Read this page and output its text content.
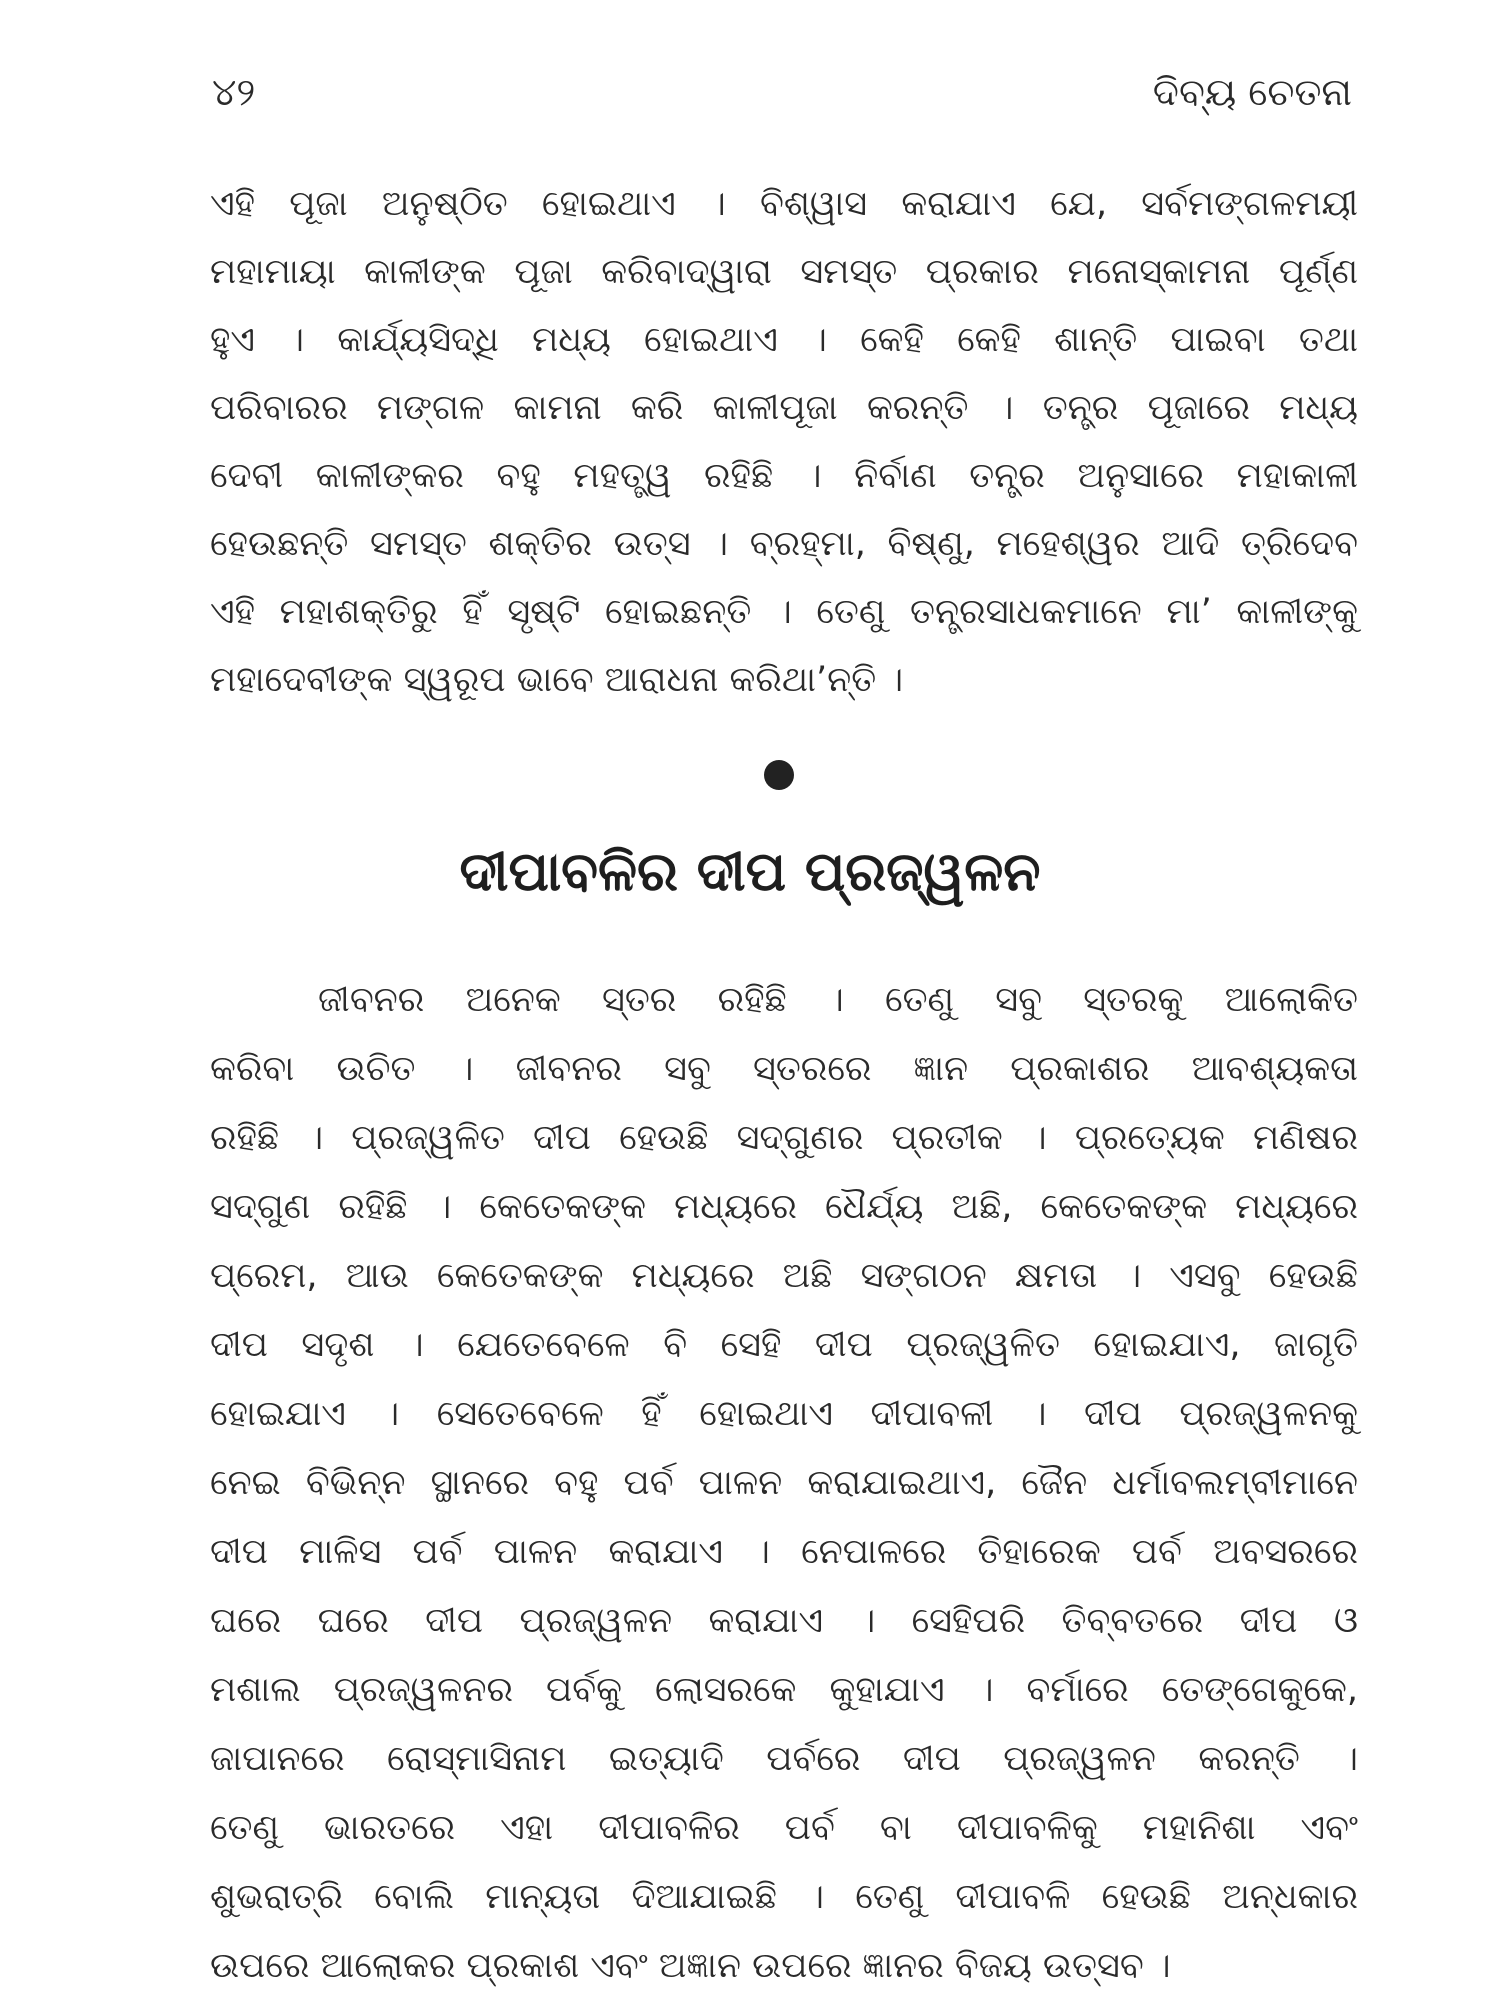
୪୨	ଦିବ୍ୟ ଚେତନା
ଏହି ପୂଜା ଅନୁଷ୍ଠିତ ହୋଇଥାଏ । ବିଶ୍ୱାସ କରାଯାଏ ଯେ, ସର୍ବମଙ୍ଗଳମୟୀ
ମହାମାୟା କାଳୀଙ୍କ ପୂଜା କରିବାଦ୍ୱାରା ସମସ୍ତ ପ୍ରକାର ମନୋସ୍କାମନା ପୂର୍ଣ୍ଣ
ହୁଏ । କାର୍ଯ୍ୟସିଦ୍ଧି ମଧ୍ୟ ହୋଇଥାଏ । କେହି କେହି ଶାନ୍ତି ପାଇବା ତଥା
ପରିବାରର ମଙ୍ଗଳ କାମନା କରି କାଳୀପୂଜା କରନ୍ତି । ତନ୍ତ୍ର ପୂଜାରେ ମଧ୍ୟ
ଦେବୀ କାଳୀଙ୍କର ବହୁ ମହତ୍ତ୍ୱ ରହିଛି । ନିର୍ବାଣ ତନ୍ତ୍ର ଅନୁସାରେ ମହାକାଳୀ
ହେଉଛନ୍ତି ସମସ୍ତ ଶକ୍ତିର ଉତ୍ସ । ବ୍ରହ୍ମା, ବିଷ୍ଣୁ, ମହେଶ୍ୱର ଆଦି ତ୍ରିଦେବ
ଏହି ମହାଶକ୍ତିରୁ ହିଁ ସୃଷ୍ଟି ହୋଇଛନ୍ତି । ତେଣୁ ତନ୍ତ୍ରସାଧକମାନେ ମା’ କାଳୀଙ୍କୁ
ମହାଦେବୀଙ୍କ ସ୍ୱରୂପ ଭାବେ ଆରାଧନା କରିଥା’ନ୍ତି ।
ଦୀପାବଳିର ଦୀପ ପ୍ରଜ୍ୱଳନ
ଜୀବନର ଅନେକ ସ୍ତର ରହିଛି । ତେଣୁ ସବୁ ସ୍ତରକୁ ଆଲୋକିତ
କରିବା ଉଚିତ । ଜୀବନର ସବୁ ସ୍ତରରେ ଜ୍ଞାନ ପ୍ରକାଶର ଆବଶ୍ୟକତା
ରହିଛି । ପ୍ରଜ୍ୱଳିତ ଦୀପ ହେଉଛି ସଦ୍‌ଗୁଣର ପ୍ରତୀକ । ପ୍ରତ୍ୟେକ ମଣିଷର
ସଦ୍‌ଗୁଣ ରହିଛି । କେତେକଙ୍କ ମଧ୍ୟରେ ଧୈର୍ଯ୍ୟ ଅଛି, କେତେକଙ୍କ ମଧ୍ୟରେ
ପ୍ରେମ, ଆଉ କେତେକଙ୍କ ମଧ୍ୟରେ ଅଛି ସଙ୍ଗଠନ କ୍ଷମତା । ଏସବୁ ହେଉଛି
ଦୀପ ସଦୃଶ । ଯେତେବେଳେ ବି ସେହି ଦୀପ ପ୍ରଜ୍ୱଳିତ ହୋଇଯାଏ, ଜାଗୃତି
ହୋଇଯାଏ । ସେତେବେଳେ ହିଁ ହୋଇଥାଏ ଦୀପାବଳୀ । ଦୀପ ପ୍ରଜ୍ୱଳନକୁ
ନେଇ ବିଭିନ୍ନ ସ୍ଥାନରେ ବହୁ ପର୍ବ ପାଳନ କରାଯାଇଥାଏ, ଜୈନ ଧର୍ମାବଲମ୍ବୀମାନେ
ଦୀପ ମାଳିସ ପର୍ବ ପାଳନ କରାଯାଏ । ନେପାଳରେ ତିହାରେକ ପର୍ବ ଅବସରରେ
ଘରେ ଘରେ ଦୀପ ପ୍ରଜ୍ୱଳନ କରାଯାଏ । ସେହିପରି ତିବ୍‌ବତରେ ଦୀପ ଓ
ମଶାଲ ପ୍ରଜ୍ୱଳନର ପର୍ବକୁ ଲୋସରକେ କୁହାଯାଏ । ବର୍ମାରେ ତେଙ୍ଗେକୁକେ,
ଜାପାନରେ ରୋସ୍‌ମାସିନାମ ଇତ୍ୟାଦି ପର୍ବରେ ଦୀପ ପ୍ରଜ୍ୱଳନ କରନ୍ତି ।
ତେଣୁ ଭାରତରେ ଏହା ଦୀପାବଳିର ପର୍ବ ବା ଦୀପାବଳିକୁ ମହାନିଶା ଏବଂ
ଶୁଭରାତ୍ରି ବୋଲି ମାନ୍ୟତା ଦିଆଯାଇଛି । ତେଣୁ ଦୀପାବଳି ହେଉଛି ଅନ୍ଧକାର
ଉପରେ ଆଲୋକର ପ୍ରକାଶ ଏବଂ ଅଜ୍ଞାନ ଉପରେ ଜ୍ଞାନର ବିଜୟ ଉତ୍ସବ ।
